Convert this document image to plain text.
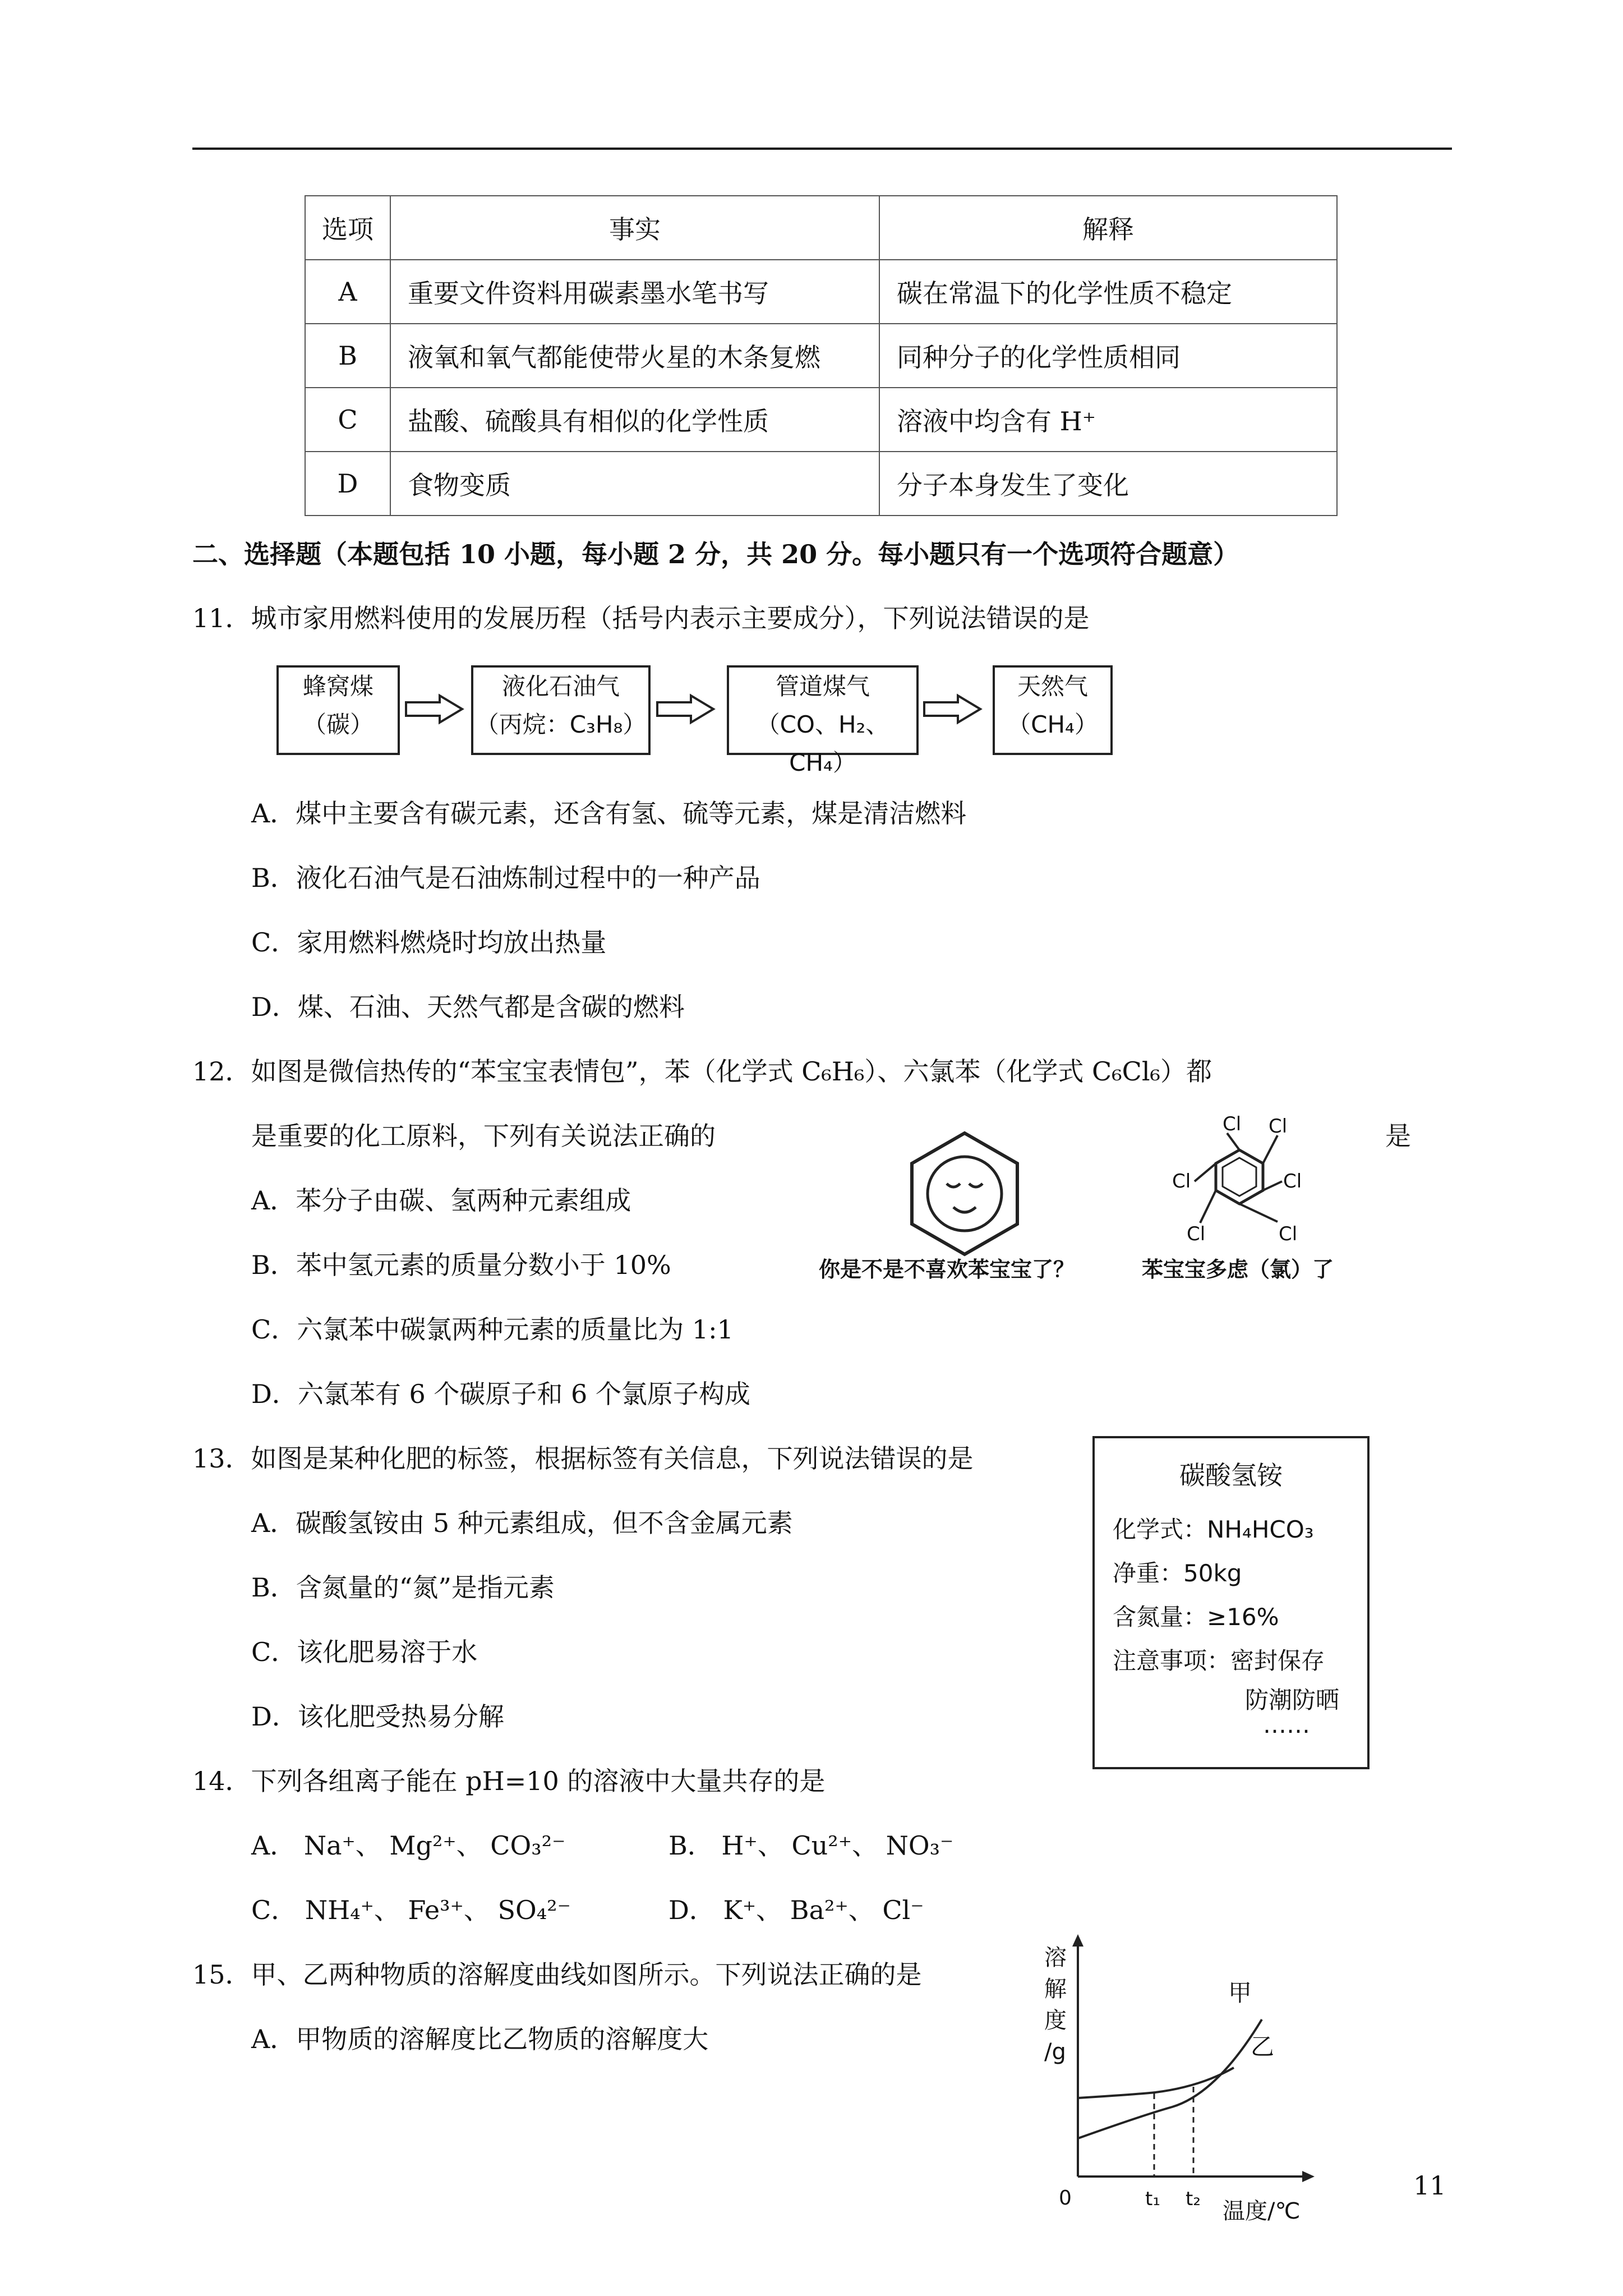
选项	事实	解释
A	重要文件资料用碳素墨水笔书写	碳在常温下的化学性质不稳定
B	液氧和氧气都能使带火星的木条复燃	同种分子的化学性质相同
C	盐酸、硫酸具有相似的化学性质	溶液中均含有 H⁺
D	食物变质	分子本身发生了变化
二、选择题（本题包括 10 小题，每小题 2 分，共 20 分。每小题只有一个选项符合题意）
11．城市家用燃料使用的发展历程（括号内表示主要成分），下列说法错误的是
蜂窝煤
（碳）
液化石油气
（丙烷：C₃H₈）
管道煤气
（CO、H₂、CH₄）
天然气
（CH₄）
A．煤中主要含有碳元素，还含有氢、硫等元素，煤是清洁燃料
B．液化石油气是石油炼制过程中的一种产品
C．家用燃料燃烧时均放出热量
D．煤、石油、天然气都是含碳的燃料
12．如图是微信热传的“苯宝宝表情包”，苯（化学式 C₆H₆）、六氯苯（化学式 C₆Cl₆）都
是重要的化工原料，下列有关说法正确的	是
A．苯分子由碳、氢两种元素组成
B．苯中氢元素的质量分数小于 10%
C．六氯苯中碳氯两种元素的质量比为 1:1
D．六氯苯有 6 个碳原子和 6 个氯原子构成
Cl Cl
Cl
Cl
Cl
Cl
你是不是不喜欢苯宝宝了？	苯宝宝多虑（氯）了
13．如图是某种化肥的标签，根据标签有关信息，下列说法错误的是
A．碳酸氢铵由 5 种元素组成，但不含金属元素
B．含氮量的“氮”是指元素
C．该化肥易溶于水
D．该化肥受热易分解
碳酸氢铵
化学式：NH₄HCO₃
净重：50kg
含氮量：≥16%
注意事项：密封保存
防潮防晒
……
14．下列各组离子能在 pH=10 的溶液中大量共存的是
A． Na⁺、 Mg²⁺、 CO₃²⁻	B． H⁺、 Cu²⁺、 NO₃⁻
C． NH₄⁺、 Fe³⁺、 SO₄²⁻	D． K⁺、 Ba²⁺、 Cl⁻
15．甲、乙两种物质的溶解度曲线如图所示。下列说法正确的是
A．甲物质的溶解度比乙物质的溶解度大
溶
解
度
/g
甲
乙
0	t₁ t₂ 温度/℃
11
